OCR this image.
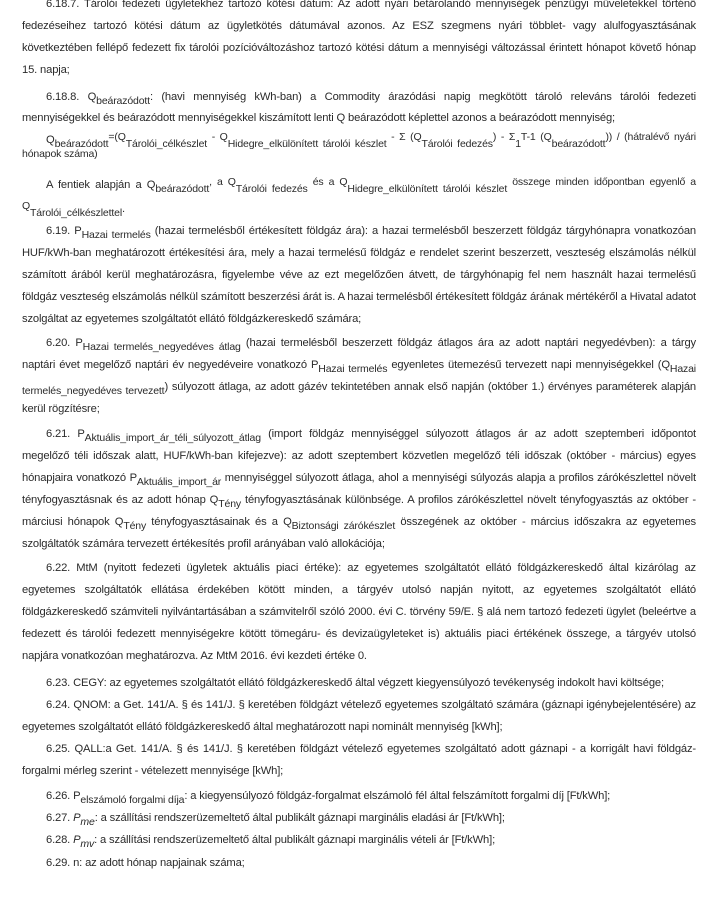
6.18.7. Tárolói fedezeti ügyletekhez tartozó kötési dátum: Az adott nyári betárolandó mennyiségek pénzügyi műveletekkel történő fedezéseihez tartozó kötési dátum az ügyletkötés dátumával azonos. Az ESZ szegmens nyári többlet- vagy alulfogyasztásának következtében fellépő fedezett fix tárolói pozícióváltozáshoz tartozó kötési dátum a mennyiségi változással érintett hónapot követő hónap 15. napja;

6.18.8. $Q_{beárazódott}$: (havi mennyiség kWh-ban) a Commodity árazódási napig megkötött tároló releváns tárolói fedezeti mennyiségekkel és beárazódott mennyiségekkel kiszámított lenti Q beárazódott képlettel azonos a beárazódott mennyiség;

$Q_{beárazódott}^{=(Q}_{Tárolói\_célkészlet}$ $^{- Q}_{Hidegre\_elkülönített tárolói készlet}$ $^{- \Sigma (Q}_{Tárolói fedezés}^{) - \Sigma}_1^{T-1 (Q}_{beárazódott}^{)) / (hátralévő nyári hónapok száma)}$

A fentiek alapján a $Q_{beárazódott}^{, a Q}_{Tárolói fedezés}$ $^{és a Q}_{Hidegre\_elkülönített tárolói készlet}$ $^{összege minden időpontban egyenlő a Q}_{Tárolói\_célkészlettel}$.

6.19. $P_{Hazai termelés}$ (hazai termelésből értékesített földgáz ára): a hazai termelésből beszerzett földgáz tárgyhónapra vonatkozóan HUF/kWh-ban meghatározott értékesítési ára, mely a hazai termelésű földgáz e rendelet szerint beszerzett, veszteség elszámolás nélkül számított árából kerül meghatározásra, figyelembe véve az ezt megelőzően átvett, de tárgyhónapig fel nem használt hazai termelésű földgáz veszteség elszámolás nélkül számított beszerzési árát is. A hazai termelésből értékesített földgáz árának mértékéről a Hivatal adatot szolgáltat az egyetemes szolgáltatót ellátó földgázkereskedő számára;

6.20. $P_{Hazai termelés\_negyedéves átlag}$ (hazai termelésből beszerzett földgáz átlagos ára az adott naptári negyedévben): a tárgy naptári évet megelőző naptári év negyedéveire vonatkozó $P_{Hazai termelés}$ egyenletes ütemezésű tervezett napi mennyiségekkel $(Q_{Hazai termelés\_negyedéves tervezett})$ súlyozott átlaga, az adott gázév tekintetében annak első napján (október 1.) érvényes paraméterek alapján kerül rögzítésre;

6.21. $P_{Aktuális\_import\_ár\_téli\_súlyozott\_átlag}$ (import földgáz mennyiséggel súlyozott átlagos ár az adott szeptemberi időpontot megelőző téli időszak alatt, HUF/kWh-ban kifejezve): az adott szeptembert közvetlen megelőző téli időszak (október - március) egyes hónapjaira vonatkozó $P_{Aktuális\_import\_ár}$ mennyiséggel súlyozott átlaga, ahol a mennyiségi súlyozás alapja a profilos zárókészlettel növelt tényfogyasztásnak és az adott hónap $Q_{Tény}$ tényfogyasztásának különbsége. A profilos zárókészlettel növelt tényfogyasztás az október - márciusi hónapok $Q_{Tény}$ tényfogyasztásainak és a $Q_{Biztonsági zárókészlet}$ összegének az október - március időszakra az egyetemes szolgáltatók számára tervezett értékesítés profil arányában való allokációja;

6.22. MtM (nyitott fedezeti ügyletek aktuális piaci értéke): az egyetemes szolgáltatót ellátó földgázkereskedő által kizárólag az egyetemes szolgáltatók ellátása érdekében kötött minden, a tárgyév utolsó napján nyitott, az egyetemes szolgáltatót ellátó földgázkereskedő számviteli nyilvántartásában a számvitelről szóló 2000. évi C. törvény 59/E. § alá nem tartozó fedezeti ügylet (beleértve a fedezett és tárolói fedezett mennyiségekre kötött tömegáru- és devizaügyleteket is) aktuális piaci értékének összege, a tárgyév utolsó napjára vonatkozóan meghatározva. Az MtM 2016. évi kezdeti értéke 0.

6.23. CEGY: az egyetemes szolgáltatót ellátó földgázkereskedő által végzett kiegyensúlyozó tevékenység indokolt havi költsége;

6.24. QNOM: a Get. 141/A. § és 141/J. § keretében földgázt vételező egyetemes szolgáltató számára (gáznapi igénybejelentésére) az egyetemes szolgáltatót ellátó földgázkereskedő által meghatározott napi nominált mennyiség [kWh];

6.25. QALL:a Get. 141/A. § és 141/J. § keretében földgázt vételező egyetemes szolgáltató adott gáznapi - a korrigált havi földgáz-forgalmi mérleg szerint - vételezett mennyisége [kWh];

6.26. $P_{elszámoló forgalmi díja}$: a kiegyensúlyozó földgáz-forgalmat elszámoló fél által felszámított forgalmi díj [Ft/kWh];

6.27. $P_{me}$: a szállítási rendszerüzemeltető által publikált gáznapi marginális eladási ár [Ft/kWh];

6.28. $P_{mv}$: a szállítási rendszerüzemeltető által publikált gáznapi marginális vételi ár [Ft/kWh];

6.29. n: az adott hónap napjainak száma;
